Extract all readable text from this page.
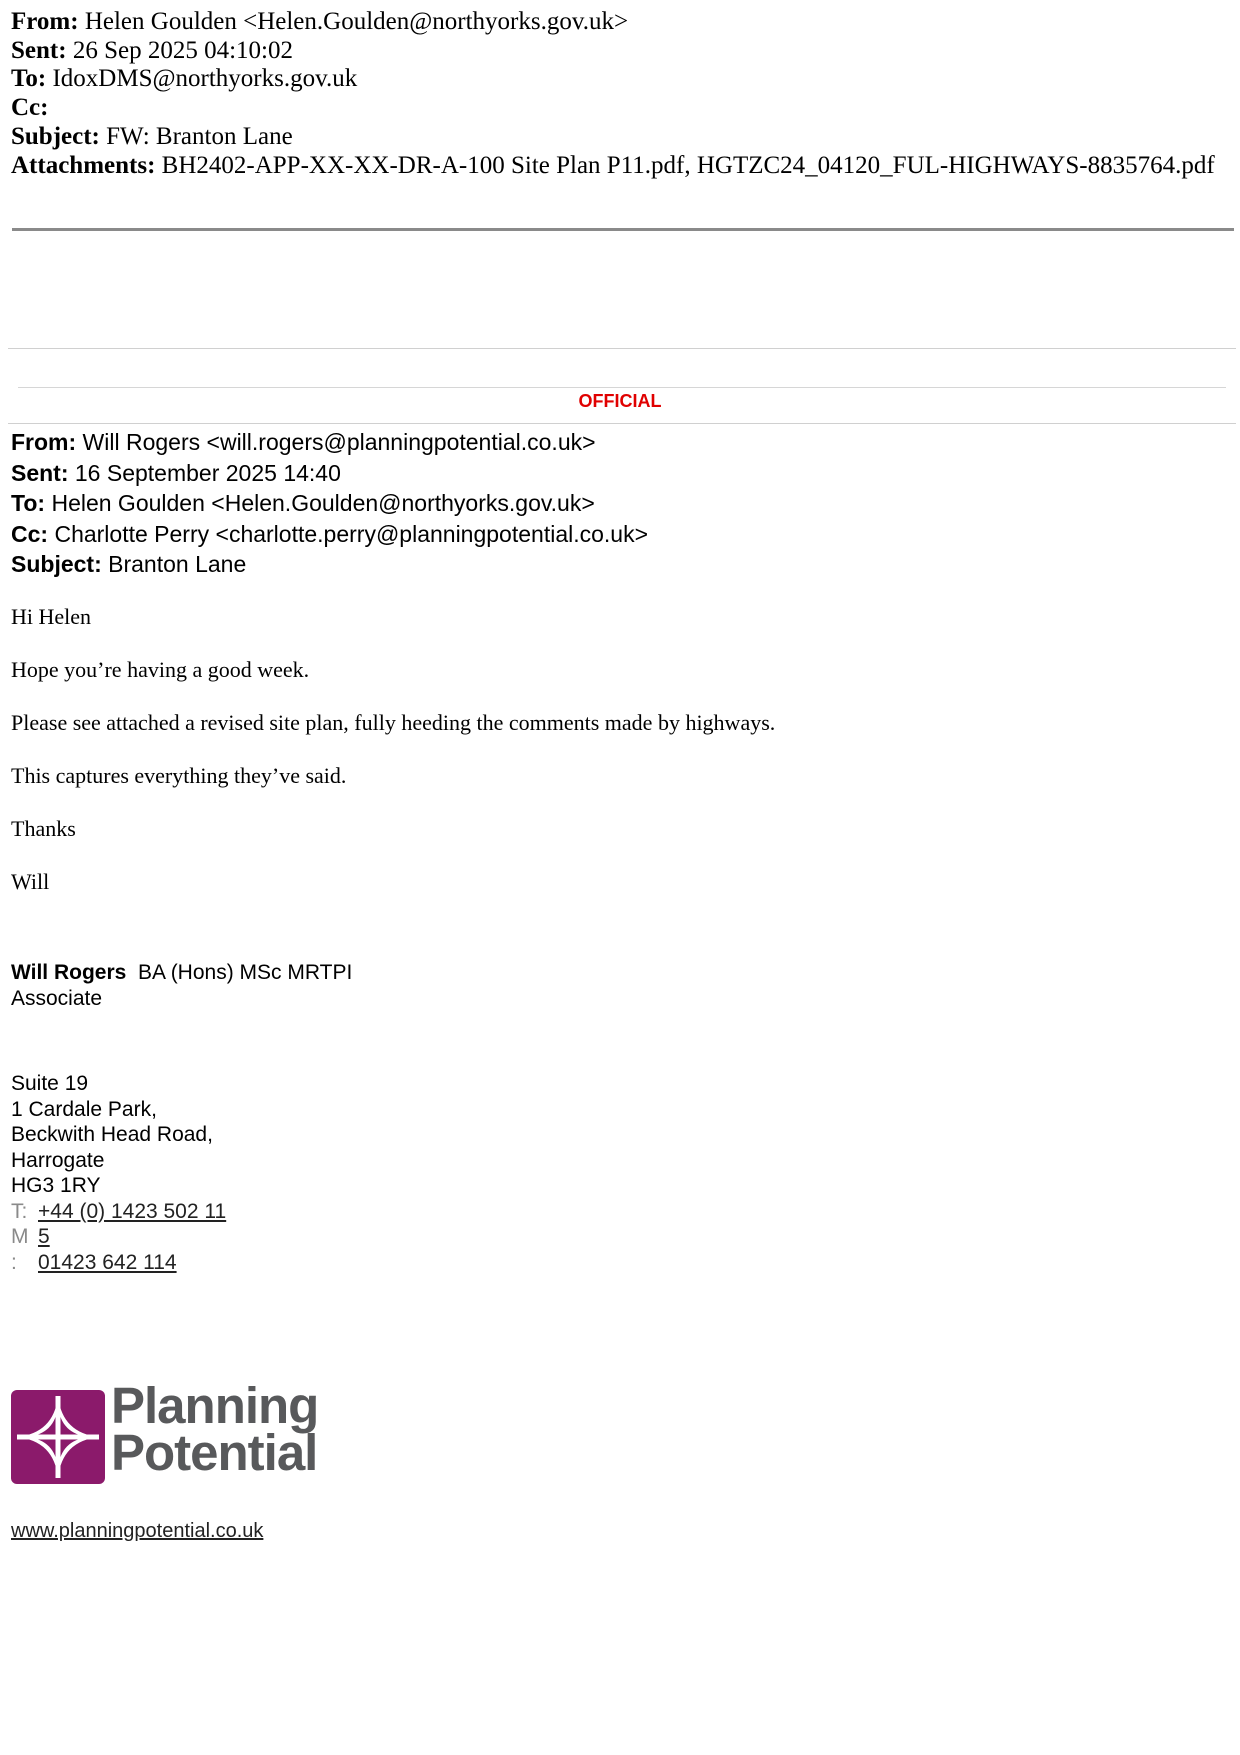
From: Helen Goulden <Helen.Goulden@northyorks.gov.uk>
Sent: 26 Sep 2025 04:10:02
To: IdoxDMS@northyorks.gov.uk
Cc:
Subject: FW: Branton Lane
Attachments: BH2402-APP-XX-XX-DR-A-100 Site Plan P11.pdf, HGTZC24_04120_FUL-HIGHWAYS-8835764.pdf
OFFICIAL
From: Will Rogers <will.rogers@planningpotential.co.uk>
Sent: 16 September 2025 14:40
To: Helen Goulden <Helen.Goulden@northyorks.gov.uk>
Cc: Charlotte Perry <charlotte.perry@planningpotential.co.uk>
Subject: Branton Lane

Hi Helen

Hope you’re having a good week.

Please see attached a revised site plan, fully heeding the comments made by highways.

This captures everything they’ve said.

Thanks

Will

Will Rogers BA (Hons) MSc MRTPI
Associate
Suite 19
1 Cardale Park,
Beckwith Head Road,
Harrogate
HG3 1RY
T: +44 (0) 1423 502 11
M 5
: 01423 642 114
Planning
Potential
www.planningpotential.co.uk
